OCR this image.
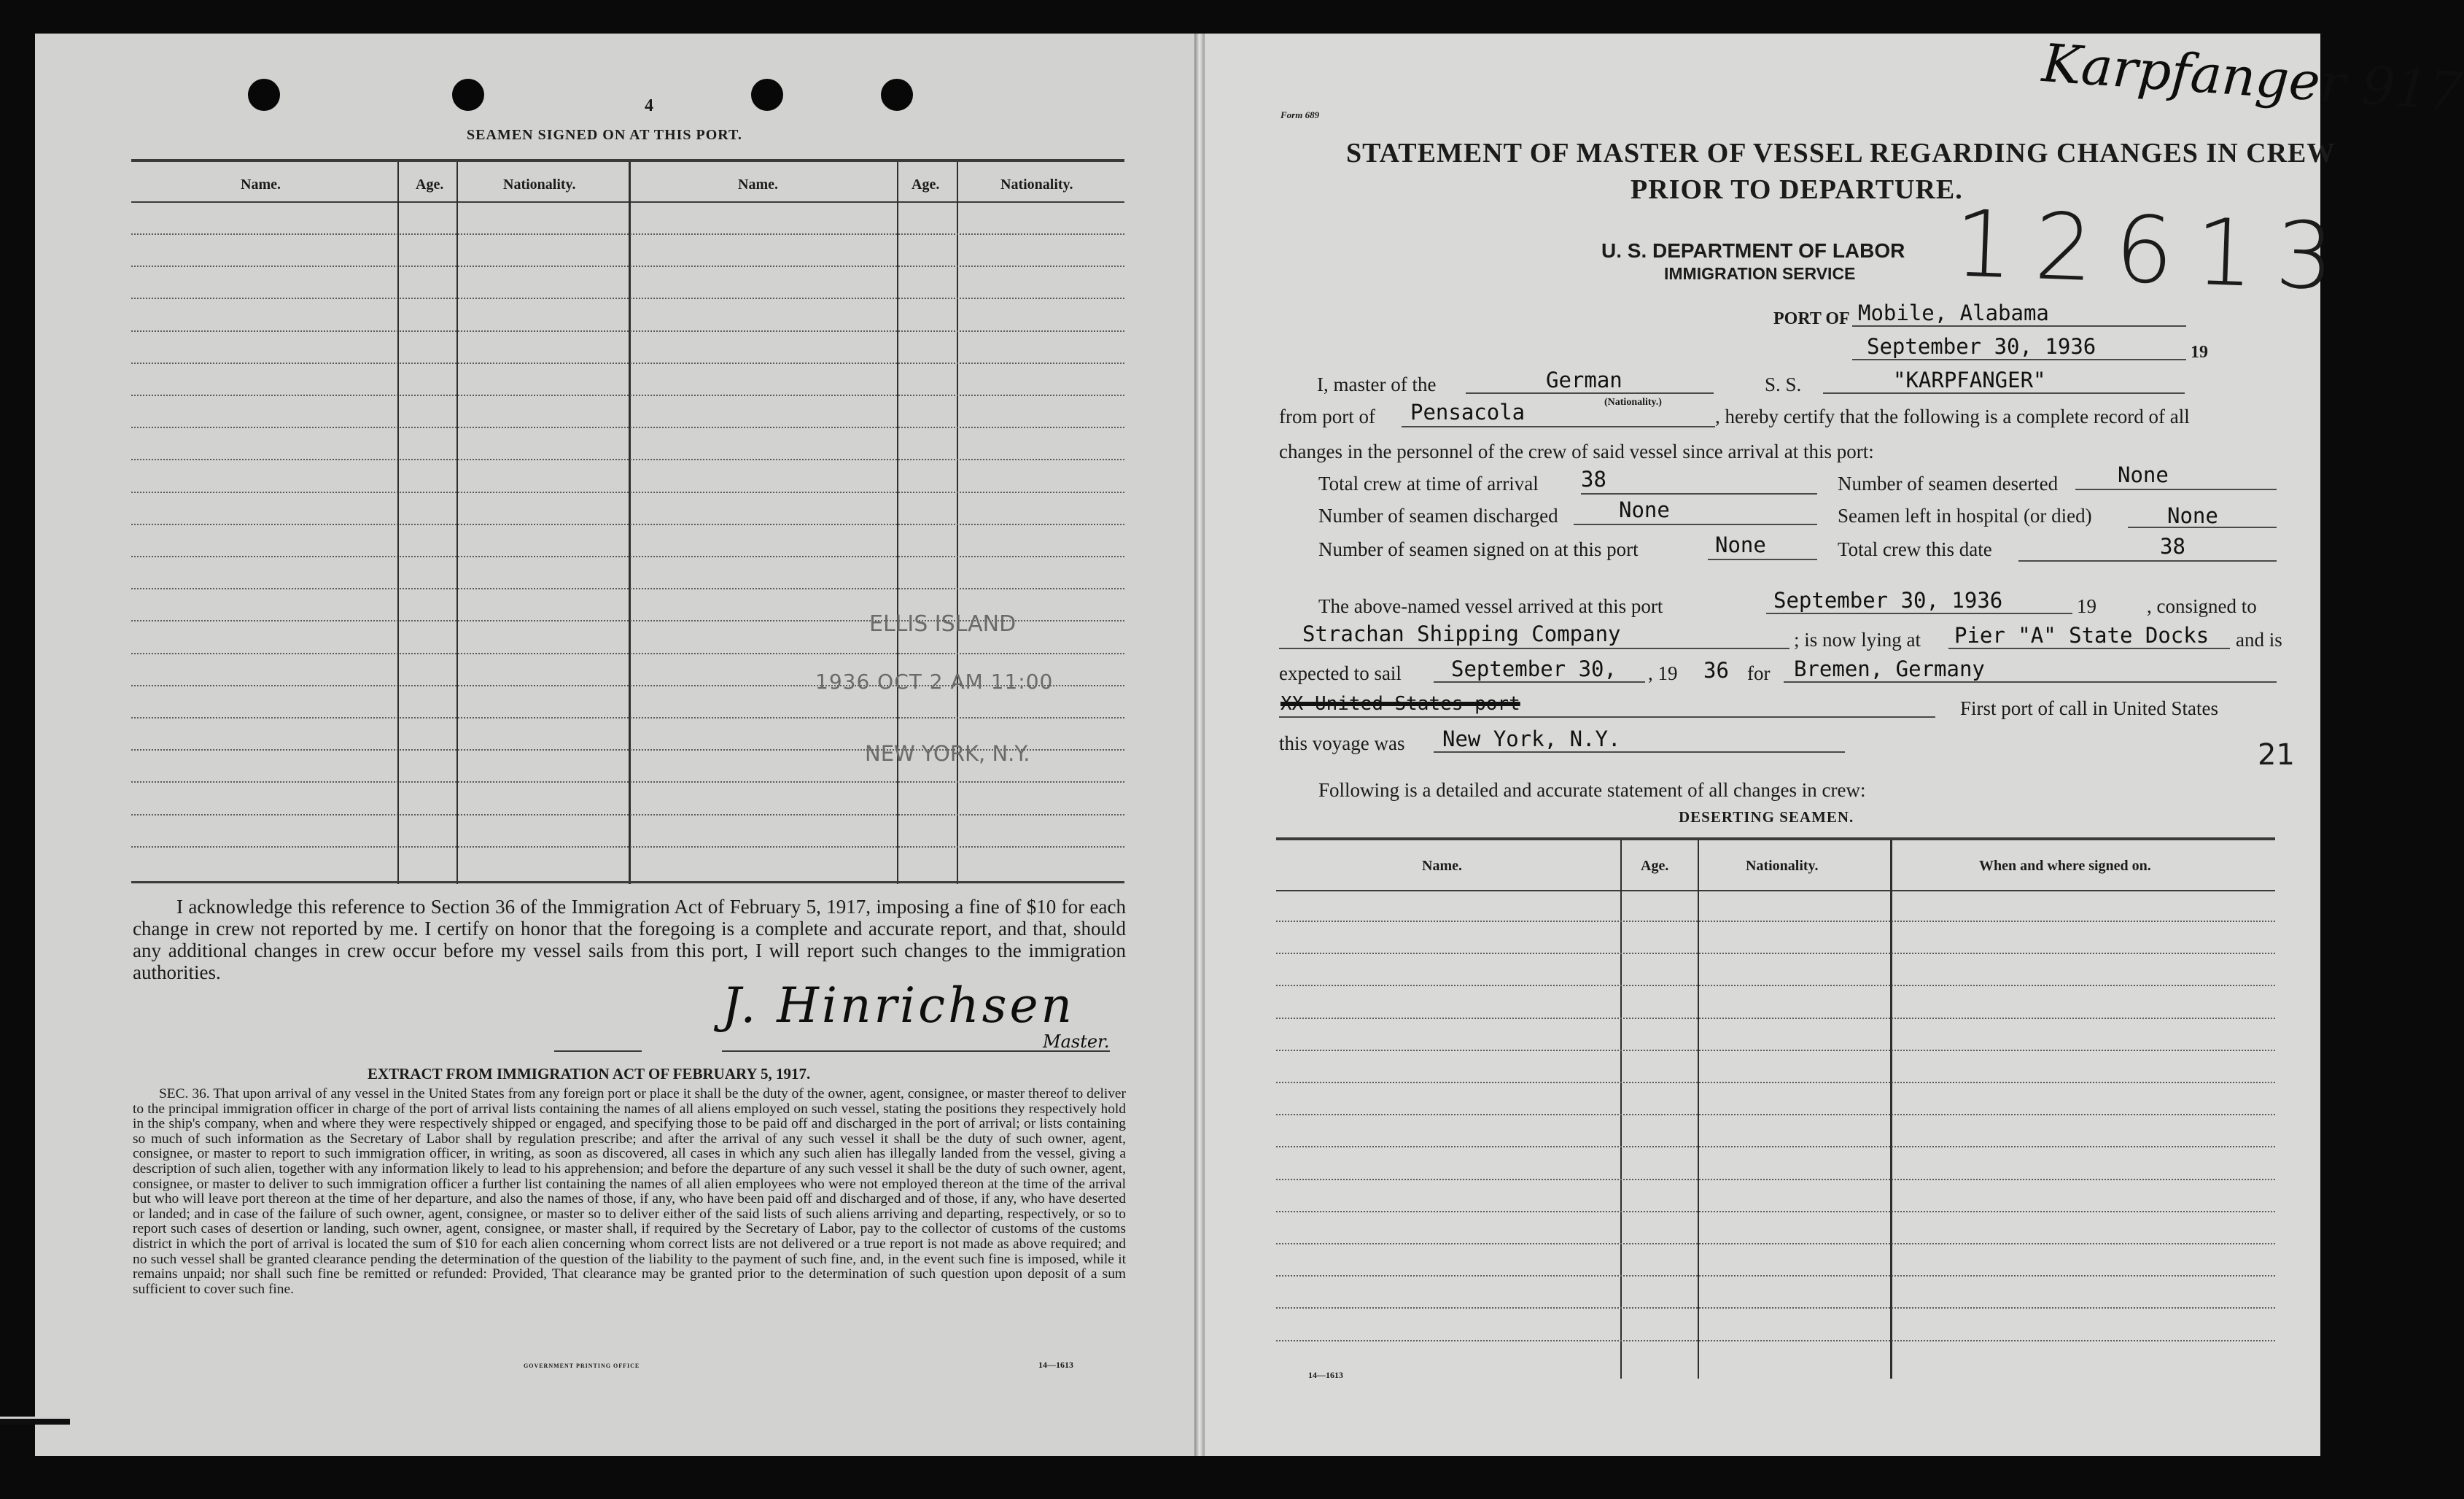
4
SEAMEN SIGNED ON AT THIS PORT.
Name.	Age.	Nationality.	Name.	Age.	Nationality.
ELLIS ISLAND
1936 OCT 2 AM 11:00
NEW YORK, N.Y.
I acknowledge this reference to Section 36 of the Immigration Act of February 5, 1917, imposing a fine of $10 for each change in crew not reported by me. I certify on honor that the foregoing is a complete and accurate report, and that, should any additional changes in crew occur before my vessel sails from this port, I will report such changes to the immigration authorities.
J. Hinrichsen
Master.
EXTRACT FROM IMMIGRATION ACT OF FEBRUARY 5, 1917.
SEC. 36. That upon arrival of any vessel in the United States from any foreign port or place it shall be the duty of the owner, agent, consignee, or master thereof to deliver to the principal immigration officer in charge of the port of arrival lists containing the names of all aliens employed on such vessel, stating the positions they respectively hold in the ship's company, when and where they were respectively shipped or engaged, and specifying those to be paid off and discharged in the port of arrival; or lists containing so much of such information as the Secretary of Labor shall by regulation prescribe; and after the arrival of any such vessel it shall be the duty of such owner, agent, consignee, or master to report to such immigration officer, in writing, as soon as discovered, all cases in which any such alien has illegally landed from the vessel, giving a description of such alien, together with any information likely to lead to his apprehension; and before the departure of any such vessel it shall be the duty of such owner, agent, consignee, or master to deliver to such immigration officer a further list containing the names of all alien employees who were not employed thereon at the time of the arrival but who will leave port thereon at the time of her departure, and also the names of those, if any, who have been paid off and discharged and of those, if any, who have deserted or landed; and in case of the failure of such owner, agent, consignee, or master so to deliver either of the said lists of such aliens arriving and departing, respectively, or so to report such cases of desertion or landing, such owner, agent, consignee, or master shall, if required by the Secretary of Labor, pay to the collector of customs of the customs district in which the port of arrival is located the sum of $10 for each alien concerning whom correct lists are not delivered or a true report is not made as above required; and no such vessel shall be granted clearance pending the determination of the question of the liability to the payment of such fine, and, in the event such fine is imposed, while it remains unpaid; nor shall such fine be remitted or refunded: Provided, That clearance may be granted prior to the determination of such question upon deposit of a sum sufficient to cover such fine.
GOVERNMENT PRINTING OFFICE	14—1613
Form 689
STATEMENT OF MASTER OF VESSEL REGARDING CHANGES IN CREW
PRIOR TO DEPARTURE.
U. S. DEPARTMENT OF LABOR
IMMIGRATION SERVICE
Karpfanger 917
12613
PORT OF Mobile, Alabama
September 30, 1936	19
I, master of the	German
(Nationality.)
S. S.	"KARPFANGER"
from port of Pensacola	, hereby certify that the following is a complete record of all
changes in the personnel of the crew of said vessel since arrival at this port:
Total crew at time of arrival 38
Number of seamen discharged	None
Number of seamen signed on at this port	None
Number of seamen deserted	None
Seamen left in hospital (or died)	None
Total crew this date	38
The above-named vessel arrived at this port	September 30, 1936	19	, consigned to
Strachan Shipping Company	; is now lying at Pier "A" State Docks and is
expected to sail September 30, , 19 36 for Bremen, Germany
XX United States port	First port of call in United States
this voyage was New York, N.Y.	21
Following is a detailed and accurate statement of all changes in crew:
DESERTING SEAMEN.
Name.	Age.	Nationality.	When and where signed on.
14—1613
